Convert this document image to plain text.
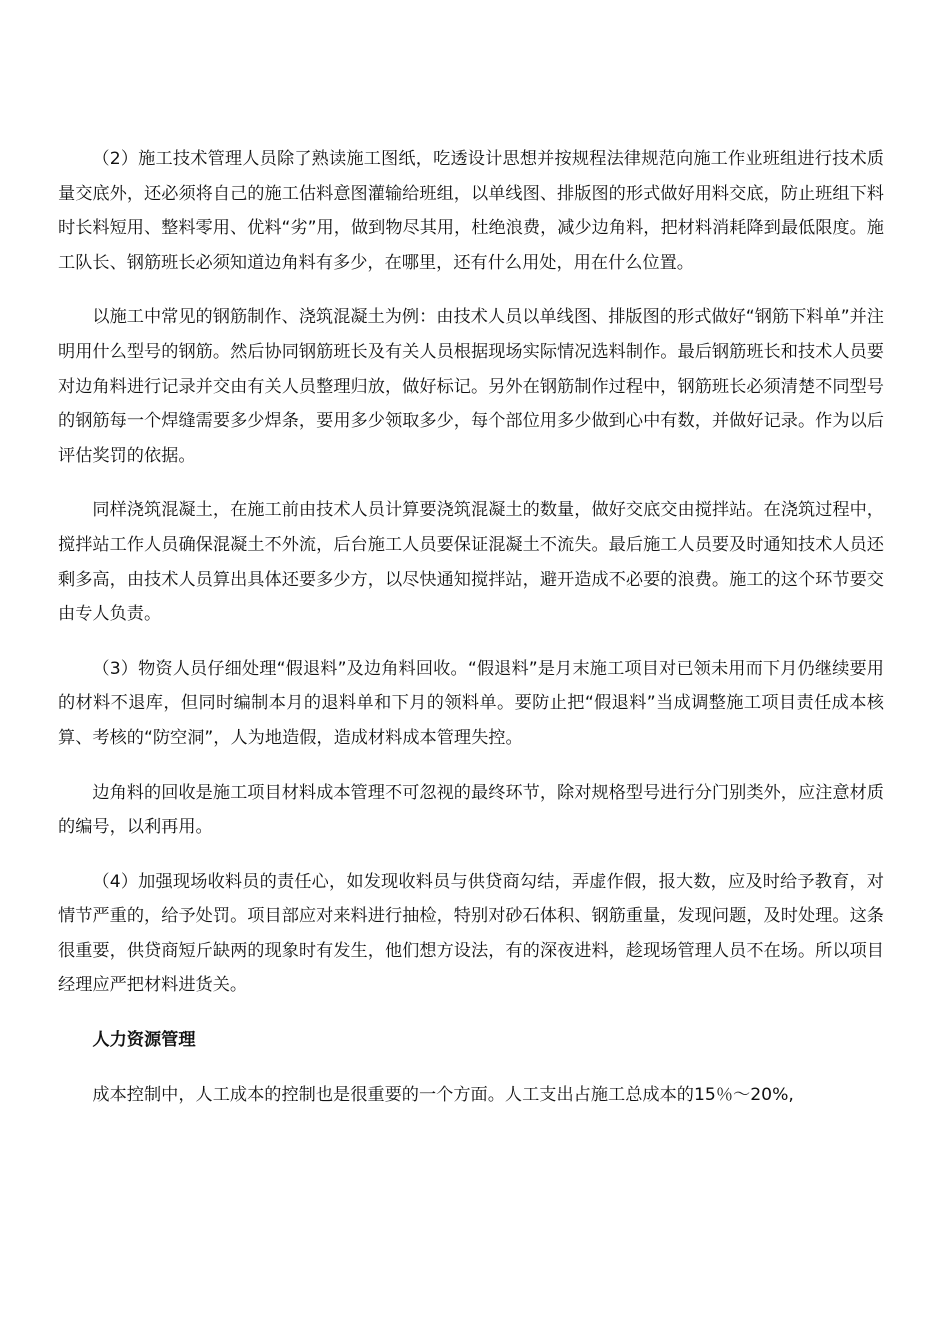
（2）施工技术管理人员除了熟读施工图纸，吃透设计思想并按规程法律规范向施工作业班组进行技术质量交底外，还必须将自己的施工估料意图灌输给班组，以单线图、排版图的形式做好用料交底，防止班组下料时长料短用、整料零用、优料“劣”用，做到物尽其用，杜绝浪费，减少边角料，把材料消耗降到最低限度。施工队长、钢筋班长必须知道边角料有多少，在哪里，还有什么用处，用在什么位置。

以施工中常见的钢筋制作、浇筑混凝土为例：由技术人员以单线图、排版图的形式做好“钢筋下料单”并注明用什么型号的钢筋。然后协同钢筋班长及有关人员根据现场实际情况选料制作。最后钢筋班长和技术人员要对边角料进行记录并交由有关人员整理归放，做好标记。另外在钢筋制作过程中，钢筋班长必须清楚不同型号的钢筋每一个焊缝需要多少焊条，要用多少领取多少，每个部位用多少做到心中有数，并做好记录。作为以后评估奖罚的依据。

同样浇筑混凝土，在施工前由技术人员计算要浇筑混凝土的数量，做好交底交由搅拌站。在浇筑过程中，搅拌站工作人员确保混凝土不外流，后台施工人员要保证混凝土不流失。最后施工人员要及时通知技术人员还剩多高，由技术人员算出具体还要多少方，以尽快通知搅拌站，避开造成不必要的浪费。施工的这个环节要交由专人负责。

（3）物资人员仔细处理“假退料”及边角料回收。“假退料”是月末施工项目对已领未用而下月仍继续要用的材料不退库，但同时编制本月的退料单和下月的领料单。要防止把“假退料”当成调整施工项目责任成本核算、考核的“防空洞”，人为地造假，造成材料成本管理失控。

边角料的回收是施工项目材料成本管理不可忽视的最终环节，除对规格型号进行分门别类外，应注意材质的编号，以利再用。

（4）加强现场收料员的责任心，如发现收料员与供贷商勾结，弄虚作假，报大数，应及时给予教育，对情节严重的，给予处罚。项目部应对来料进行抽检，特别对砂石体积、钢筋重量，发现问题，及时处理。这条很重要，供贷商短斤缺两的现象时有发生，他们想方设法，有的深夜进料，趁现场管理人员不在场。所以项目经理应严把材料进货关。

人力资源管理

成本控制中，人工成本的控制也是很重要的一个方面。人工支出占施工总成本的15％～20%,
